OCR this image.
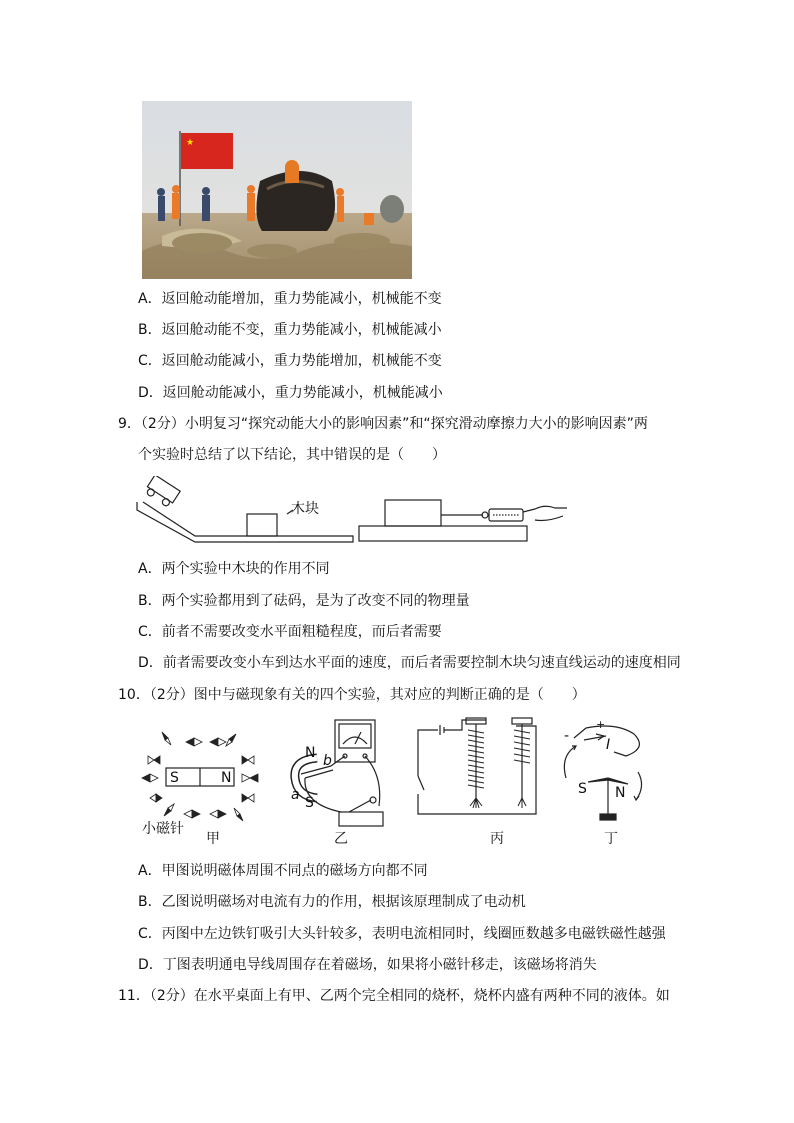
★
A．返回舱动能增加，重力势能减小，机械能不变
B．返回舱动能不变，重力势能减小，机械能减小
C．返回舱动能减小，重力势能增加，机械能不变
D．返回舱动能减小，重力势能减小，机械能减小
9．（2分）小明复习“探究动能大小的影响因素”和“探究滑动摩擦力大小的影响因素”两
个实验时总结了以下结论，其中错误的是（　　）
木块
A．两个实验中木块的作用不同
B．两个实验都用到了砝码，是为了改变不同的物理量
C．前者不需要改变水平面粗糙程度，而后者需要
D．前者需要改变小车到达水平面的速度，而后者需要控制木块匀速直线运动的速度相同
10．（2分）图中与磁现象有关的四个实验，其对应的判断正确的是（　　）
S	N
小磁针
甲
N
S
b
a
乙	丙
S N
I
-
+
丁
A．甲图说明磁体周围不同点的磁场方向都不同
B．乙图说明磁场对电流有力的作用，根据该原理制成了电动机
C．丙图中左边铁钉吸引大头针较多，表明电流相同时，线圈匝数越多电磁铁磁性越强
D．丁图表明通电导线周围存在着磁场，如果将小磁针移走，该磁场将消失
11．（2分）在水平桌面上有甲、乙两个完全相同的烧杯，烧杯内盛有两种不同的液体。如
